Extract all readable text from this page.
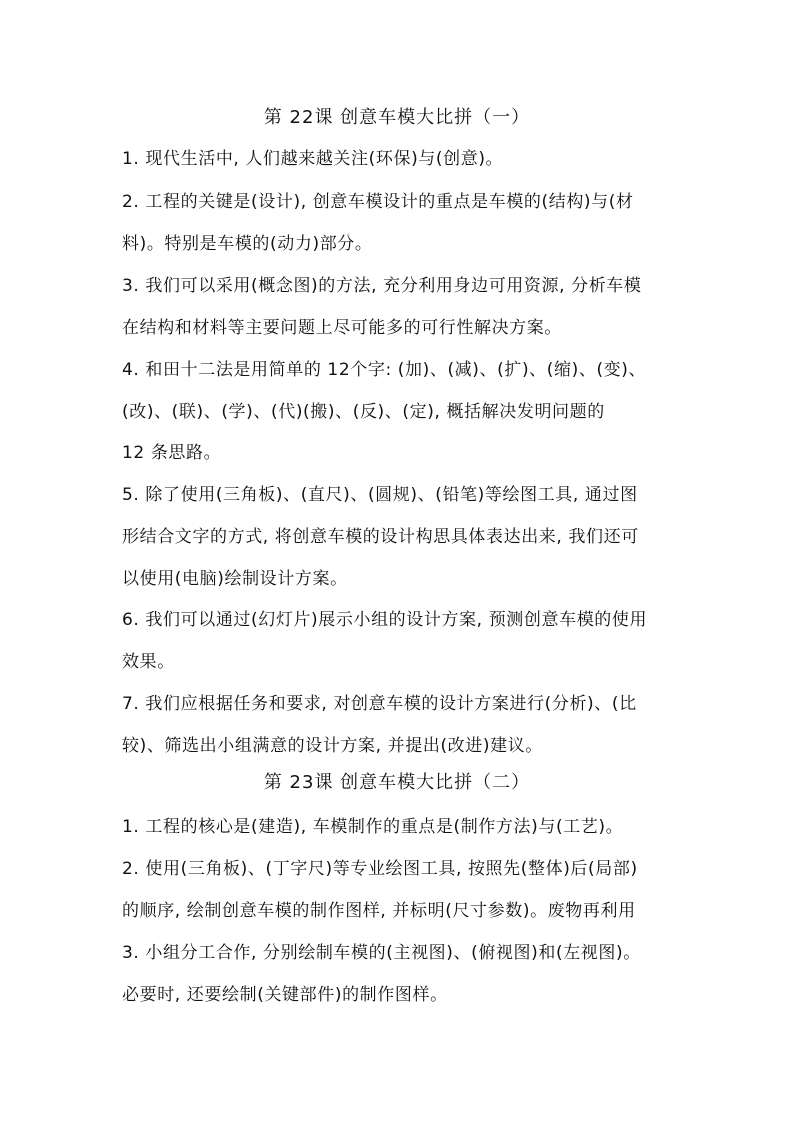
第 22课 创意车模大比拼（一）
1. 现代生活中, 人们越来越关注(环保)与(创意)。
2. 工程的关键是(设计), 创意车模设计的重点是车模的(结构)与(材
料)。特别是车模的(动力)部分。
3. 我们可以采用(概念图)的方法, 充分利用身边可用资源, 分析车模
在结构和材料等主要问题上尽可能多的可行性解决方案。
4. 和田十二法是用简单的 12个字: (加)、(减)、(扩)、(缩)、(变)、
(改)、(联)、(学)、(代)(搬)、(反)、(定), 概括解决发明问题的
12 条思路。
5. 除了使用(三角板)、(直尺)、(圆规)、(铅笔)等绘图工具, 通过图
形结合文字的方式, 将创意车模的设计构思具体表达出来, 我们还可
以使用(电脑)绘制设计方案。
6. 我们可以通过(幻灯片)展示小组的设计方案, 预测创意车模的使用
效果。
7. 我们应根据任务和要求, 对创意车模的设计方案进行(分析)、(比
较)、筛选出小组满意的设计方案, 并提出(改进)建议。
第 23课 创意车模大比拼（二）
1. 工程的核心是(建造), 车模制作的重点是(制作方法)与(工艺)。
2. 使用(三角板)、(丁字尺)等专业绘图工具, 按照先(整体)后(局部)
的顺序, 绘制创意车模的制作图样, 并标明(尺寸参数)。废物再利用
3. 小组分工合作, 分别绘制车模的(主视图)、(俯视图)和(左视图)。
必要时, 还要绘制(关键部件)的制作图样。
